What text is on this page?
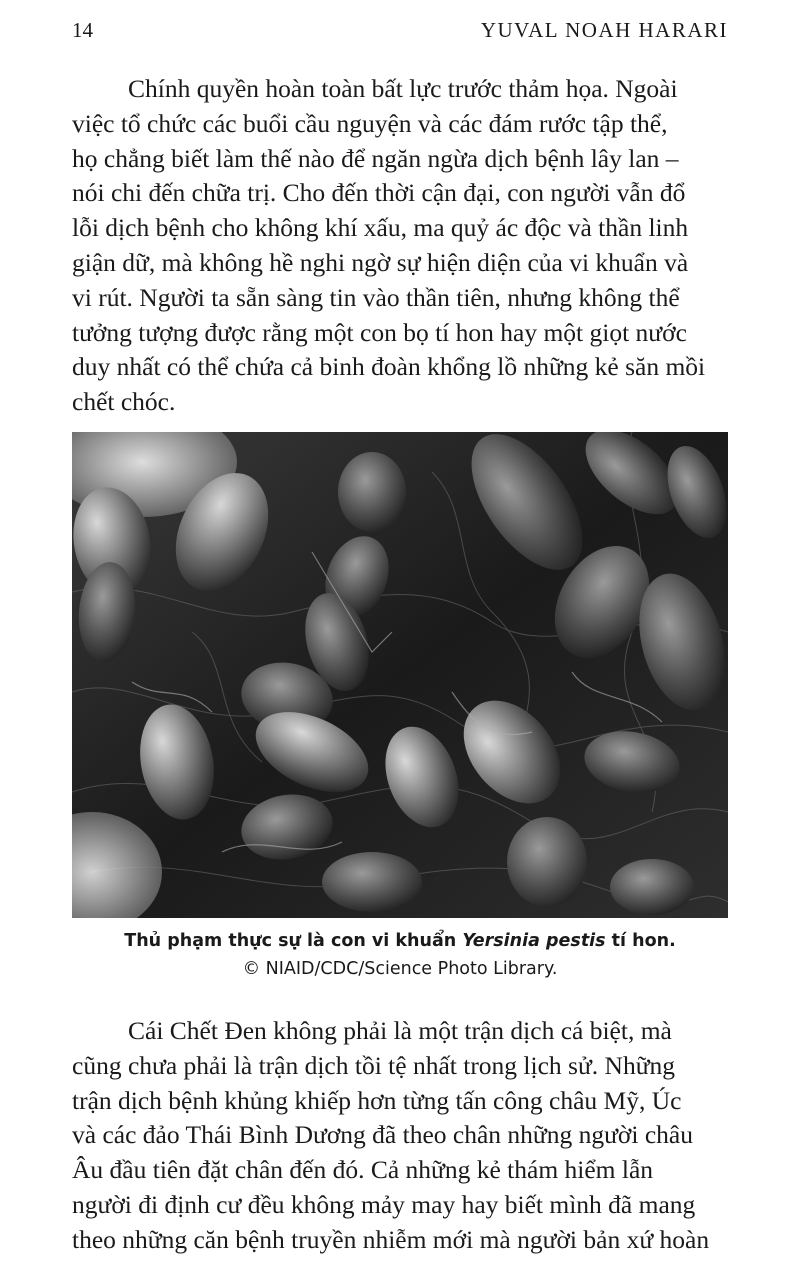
14	YUVAL NOAH HARARI
Chính quyền hoàn toàn bất lực trước thảm họa. Ngoài
việc tổ chức các buổi cầu nguyện và các đám rước tập thể,
họ chẳng biết làm thế nào để ngăn ngừa dịch bệnh lây lan –
nói chi đến chữa trị. Cho đến thời cận đại, con người vẫn đổ
lỗi dịch bệnh cho không khí xấu, ma quỷ ác độc và thần linh
giận dữ, mà không hề nghi ngờ sự hiện diện của vi khuẩn và
vi rút. Người ta sẵn sàng tin vào thần tiên, nhưng không thể
tưởng tượng được rằng một con bọ tí hon hay một giọt nước
duy nhất có thể chứa cả binh đoàn khổng lồ những kẻ săn mồi
chết chóc.
Thủ phạm thực sự là con vi khuẩn Yersinia pestis tí hon.
© NIAID/CDC/Science Photo Library.
Cái Chết Đen không phải là một trận dịch cá biệt, mà
cũng chưa phải là trận dịch tồi tệ nhất trong lịch sử. Những
trận dịch bệnh khủng khiếp hơn từng tấn công châu Mỹ, Úc
và các đảo Thái Bình Dương đã theo chân những người châu
Âu đầu tiên đặt chân đến đó. Cả những kẻ thám hiểm lẫn
người đi định cư đều không mảy may hay biết mình đã mang
theo những căn bệnh truyền nhiễm mới mà người bản xứ hoàn
